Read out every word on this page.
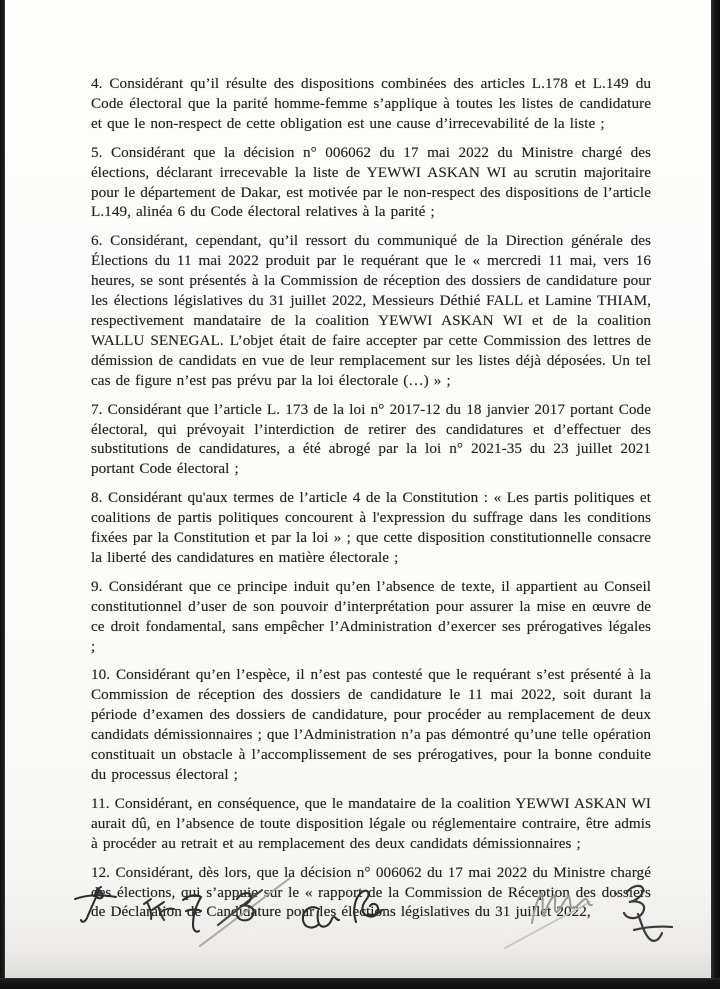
4. Considérant qu’il résulte des dispositions combinées des articles L.178 et L.149 du Code électoral que la parité homme-femme s’applique à toutes les listes de candidature et que le non-respect de cette obligation est une cause d’irrecevabilité de la liste ;

5. Considérant que la décision n° 006062 du 17 mai 2022 du Ministre chargé des élections, déclarant irrecevable la liste de YEWWI ASKAN WI au scrutin majoritaire pour le département de Dakar, est motivée par le non-respect des dispositions de l’article L.149, alinéa 6 du Code électoral relatives à la parité ;

6. Considérant, cependant, qu’il ressort du communiqué de la Direction générale des Élections du 11 mai 2022 produit par le requérant que le « mercredi 11 mai, vers 16 heures, se sont présentés à la Commission de réception des dossiers de candidature pour les élections législatives du 31 juillet 2022, Messieurs Déthié FALL et Lamine THIAM, respectivement mandataire de la coalition YEWWI ASKAN WI et de la coalition WALLU SENEGAL. L’objet était de faire accepter par cette Commission des lettres de démission de candidats en vue de leur remplacement sur les listes déjà déposées. Un tel cas de figure n’est pas prévu par la loi électorale (…) » ;

7. Considérant que l’article L. 173 de la loi n° 2017-12 du 18 janvier 2017 portant Code électoral, qui prévoyait l’interdiction de retirer des candidatures et d’effectuer des substitutions de candidatures, a été abrogé par la loi n° 2021-35 du 23 juillet 2021 portant Code électoral ;

8. Considérant qu'aux termes de l’article 4 de la Constitution : « Les partis politiques et coalitions de partis politiques concourent à l'expression du suffrage dans les conditions fixées par la Constitution et par la loi » ; que cette disposition constitutionnelle consacre la liberté des candidatures en matière électorale ;

9. Considérant que ce principe induit qu’en l’absence de texte, il appartient au Conseil constitutionnel d’user de son pouvoir d’interprétation pour assurer la mise en œuvre de ce droit fondamental, sans empêcher l’Administration d’exercer ses prérogatives légales ;

10. Considérant qu’en l’espèce, il n’est pas contesté que le requérant s’est présenté à la Commission de réception des dossiers de candidature le 11 mai 2022, soit durant la période d’examen des dossiers de candidature, pour procéder au remplacement de deux candidats démissionnaires ; que l’Administration n’a pas démontré qu’une telle opération constituait un obstacle à l’accomplissement de ses prérogatives, pour la bonne conduite du processus électoral ;

11. Considérant, en conséquence, que le mandataire de la coalition YEWWI ASKAN WI aurait dû, en l’absence de toute disposition légale ou réglementaire contraire, être admis à procéder au retrait et au remplacement des deux candidats démissionnaires ;

12. Considérant, dès lors, que la décision n° 006062 du 17 mai 2022 du Ministre chargé des élections, qui s’appuie sur le « rapport de la Commission de Réception des dossiers de Déclaration de Candidature pour les élections législatives du 31 juillet 2022,
